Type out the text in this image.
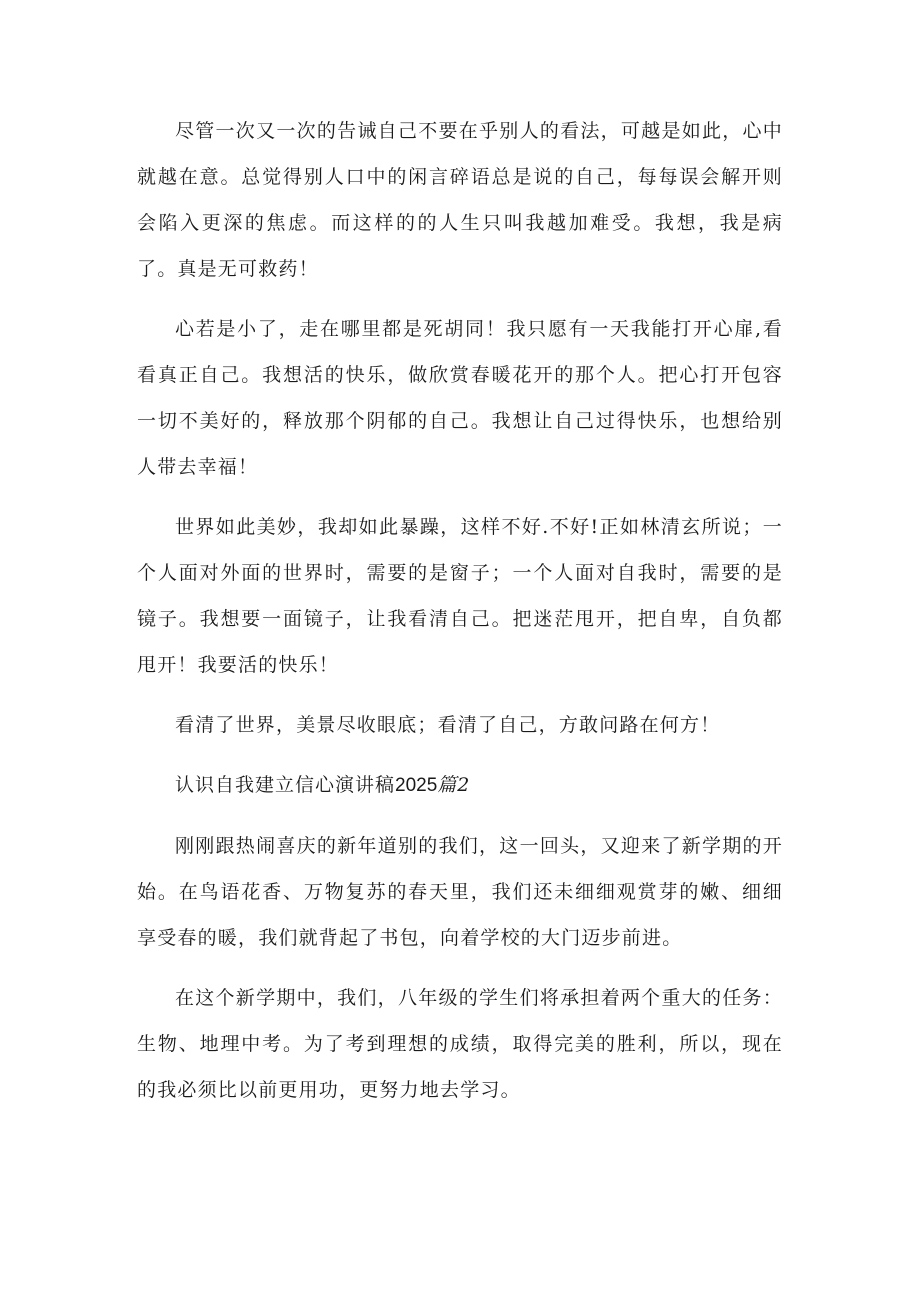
尽管一次又一次的告诫自己不要在乎别人的看法，可越是如此，心中就越在意。总觉得别人口中的闲言碎语总是说的自己，每每误会解开则会陷入更深的焦虑。而这样的的人生只叫我越加难受。我想，我是病了。真是无可救药！

心若是小了，走在哪里都是死胡同！我只愿有一天我能打开心扉,看看真正自己。我想活的快乐，做欣赏春暖花开的那个人。把心打开包容一切不美好的，释放那个阴郁的自己。我想让自己过得快乐，也想给别人带去幸福！

世界如此美妙，我却如此暴躁，这样不好.不好!正如林清玄所说；一个人面对外面的世界时，需要的是窗子；一个人面对自我时，需要的是镜子。我想要一面镜子，让我看清自己。把迷茫甩开，把自卑，自负都甩开！我要活的快乐！

看清了世界，美景尽收眼底；看清了自己，方敢问路在何方！

认识自我建立信心演讲稿2025篇2

刚刚跟热闹喜庆的新年道别的我们，这一回头，又迎来了新学期的开始。在鸟语花香、万物复苏的春天里，我们还未细细观赏芽的嫩、细细享受春的暖，我们就背起了书包，向着学校的大门迈步前进。

在这个新学期中，我们，八年级的学生们将承担着两个重大的任务：生物、地理中考。为了考到理想的成绩，取得完美的胜利，所以，现在的我必须比以前更用功，更努力地去学习。
